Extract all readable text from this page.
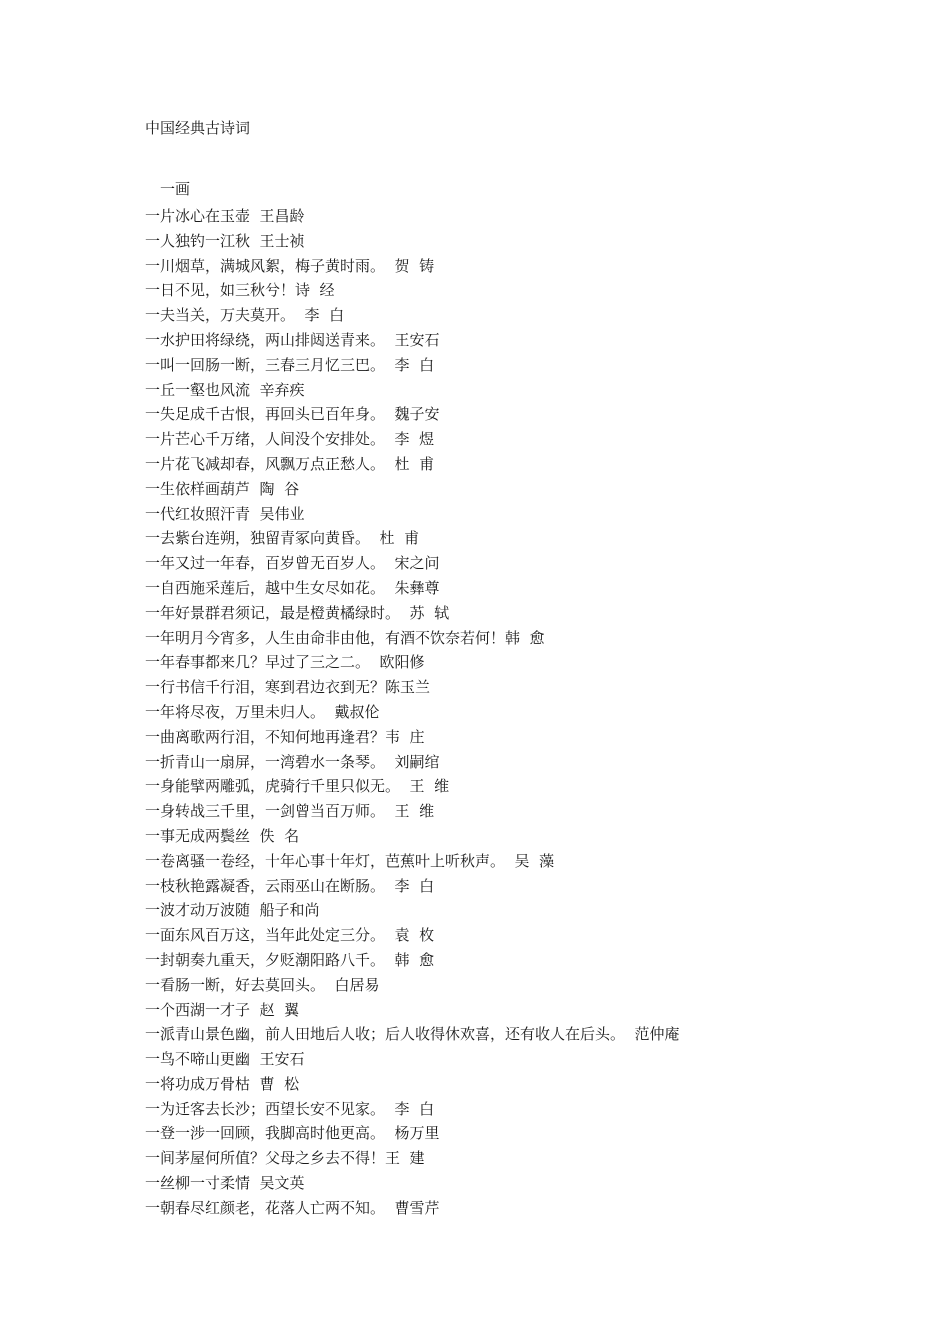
中国经典古诗词
一画
一片冰心在玉壶  王昌龄
一人独钓一江秋  王士祯
一川烟草，满城风絮，梅子黄时雨。  贺  铸
一日不见，如三秋兮！诗  经
一夫当关，万夫莫开。  李  白
一水护田将绿绕，两山排闼送青来。  王安石
一叫一回肠一断，三春三月忆三巴。  李  白
一丘一壑也风流  辛弃疾
一失足成千古恨，再回头已百年身。  魏子安
一片芒心千万绪，人间没个安排处。  李  煜
一片花飞减却春，风飘万点正愁人。  杜  甫
一生依样画葫芦  陶  谷
一代红妆照汗青  吴伟业
一去紫台连朔，独留青冢向黄昏。  杜  甫
一年又过一年春，百岁曾无百岁人。  宋之问
一自西施采莲后，越中生女尽如花。  朱彝尊
一年好景群君须记，最是橙黄橘绿时。  苏  轼
一年明月今宵多，人生由命非由他，有酒不饮奈若何！韩  愈
一年春事都来几？早过了三之二。  欧阳修
一行书信千行泪，寒到君边衣到无？陈玉兰
一年将尽夜，万里未归人。  戴叔伦
一曲离歌两行泪，不知何地再逢君？韦  庄
一折青山一扇屏，一湾碧水一条琴。  刘嗣绾
一身能擘两雕弧，虎骑行千里只似无。  王  维
一身转战三千里，一剑曾当百万师。  王  维
一事无成两鬓丝  佚  名
一卷离骚一卷经，十年心事十年灯，芭蕉叶上听秋声。  吴  藻
一枝秋艳露凝香，云雨巫山在断肠。  李  白
一波才动万波随  船子和尚
一面东风百万这，当年此处定三分。  袁  枚
一封朝奏九重天，夕贬潮阳路八千。  韩  愈
一看肠一断，好去莫回头。  白居易
一个西湖一才子  赵  翼
一派青山景色幽，前人田地后人收；后人收得休欢喜，还有收人在后头。  范仲庵
一鸟不啼山更幽  王安石
一将功成万骨枯  曹  松
一为迁客去长沙；西望长安不见家。  李  白
一登一涉一回顾，我脚高时他更高。  杨万里
一间茅屋何所值？父母之乡去不得！王  建
一丝柳一寸柔情  吴文英
一朝春尽红颜老，花落人亡两不知。  曹雪芹
